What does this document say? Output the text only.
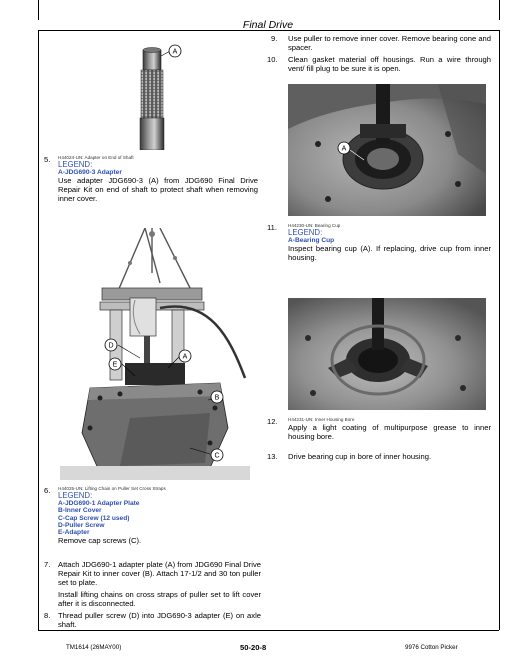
Final Drive
A
5. H44024-UN: Adapter on End of Shaft
LEGEND:
A-JDG690-3 Adapter
Use adapter JDG690-3 (A) from JDG690 Final Drive Repair Kit on end of shaft to protect shaft when removing inner cover.
D
E
A
B
C
6. H44025-UN: Lifting Chain on Puller Set Cross Straps
LEGEND:
A-JDG690-1 Adapter Plate
B-Inner Cover
C-Cap Screw (12 used)
D-Puller Screw
E-Adapter
Remove cap screws (C).
7. Attach JDG690-1 adapter plate (A) from JDG690 Final Drive Repair Kit to inner cover (B). Attach 17-1/2 and 30 ton puller set to plate.
Install lifting chains on cross straps of puller set to lift cover after it is disconnected.
8. Thread puller screw (D) into JDG690-3 adapter (E) on axle shaft.
9. Use puller to remove inner cover. Remove bearing cone and spacer.
10. Clean gasket material off housings. Run a wire through vent/ fill plug to be sure it is open.
A
11. H44230-UN: Bearing Cup
LEGEND:
A-Bearing Cup
Inspect bearing cup (A). If replacing, drive cup from inner housing.
12. H44231-UN: Inner Housing Bore
Apply a light coating of multipurpose grease to inner housing bore.
13. Drive bearing cup in bore of inner housing.
TM1614 (26MAY00)	50-20-8	9976 Cotton Picker
